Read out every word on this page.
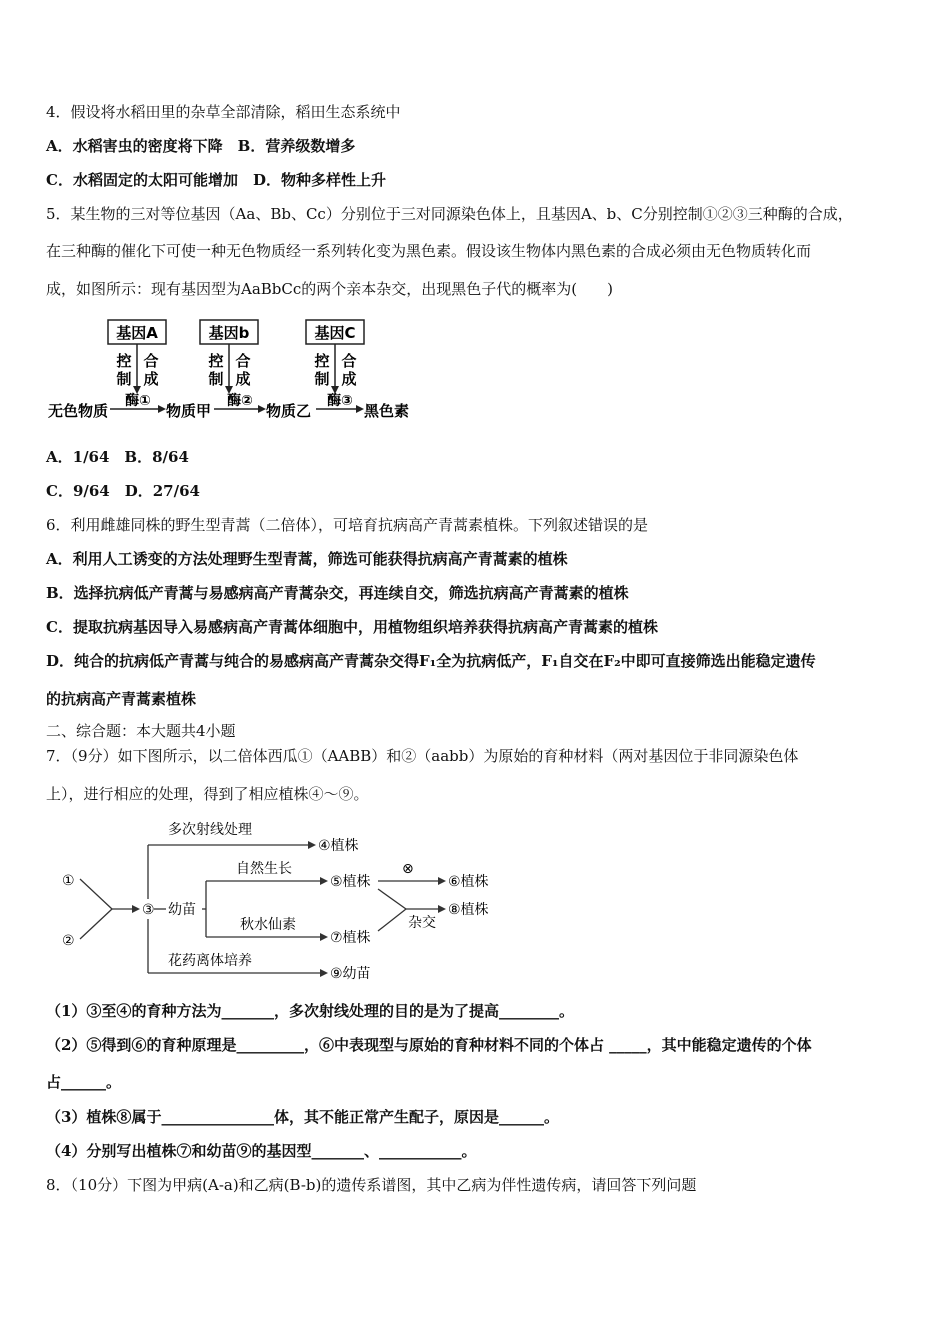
4．假设将水稻田里的杂草全部清除，稻田生态系统中
A．水稻害虫的密度将下降　B．营养级数增多
C．水稻固定的太阳可能增加　D．物种多样性上升
5．某生物的三对等位基因（Aa、Bb、Cc）分别位于三对同源染色体上，且基因A、b、C分别控制①②③三种酶的合成，
在三种酶的催化下可使一种无色物质经一系列转化变为黑色素。假设该生物体内黑色素的合成必须由无色物质转化而
成，如图所示：现有基因型为AaBbCc的两个亲本杂交，出现黑色子代的概率为(　　)
基因A	基因b	基因C
控
制
合
成
控
制
合
成
控
制
合
成
无色物质
酶①
物质甲
酶②
物质乙
酶③
黑色素
A．1/64　B．8/64
C．9/64　D．27/64
6．利用雌雄同株的野生型青蒿（二倍体），可培育抗病高产青蒿素植株。下列叙述错误的是
A．利用人工诱变的方法处理野生型青蒿，筛选可能获得抗病高产青蒿素的植株
B．选择抗病低产青蒿与易感病高产青蒿杂交，再连续自交，筛选抗病高产青蒿素的植株
C．提取抗病基因导入易感病高产青蒿体细胞中，用植物组织培养获得抗病高产青蒿素的植株
D．纯合的抗病低产青蒿与纯合的易感病高产青蒿杂交得F₁全为抗病低产，F₁自交在F₂中即可直接筛选出能稳定遗传
的抗病高产青蒿素植株
二、综合题：本大题共4小题
7．（9分）如下图所示，以二倍体西瓜①（AABB）和②（aabb）为原始的育种材料（两对基因位于非同源染色体
上），进行相应的处理，得到了相应植株④～⑨。
①
②
③
多次射线处理
④植株
幼苗
自然生长
⑤植株
秋水仙素
⑦植株
⊗
⑥植株
杂交
⑧植株
花药离体培养
⑨幼苗
（1）③至④的育种方法为_______，多次射线处理的目的是为了提高________。
（2）⑤得到⑥的育种原理是_________，⑥中表现型与原始的育种材料不同的个体占 _____，其中能稳定遗传的个体
占______。
（3）植株⑧属于_______________体，其不能正常产生配子，原因是______。
（4）分别写出植株⑦和幼苗⑨的基因型_______、___________。
8．（10分）下图为甲病(A-a)和乙病(B-b)的遗传系谱图，其中乙病为伴性遗传病，请回答下列问题
